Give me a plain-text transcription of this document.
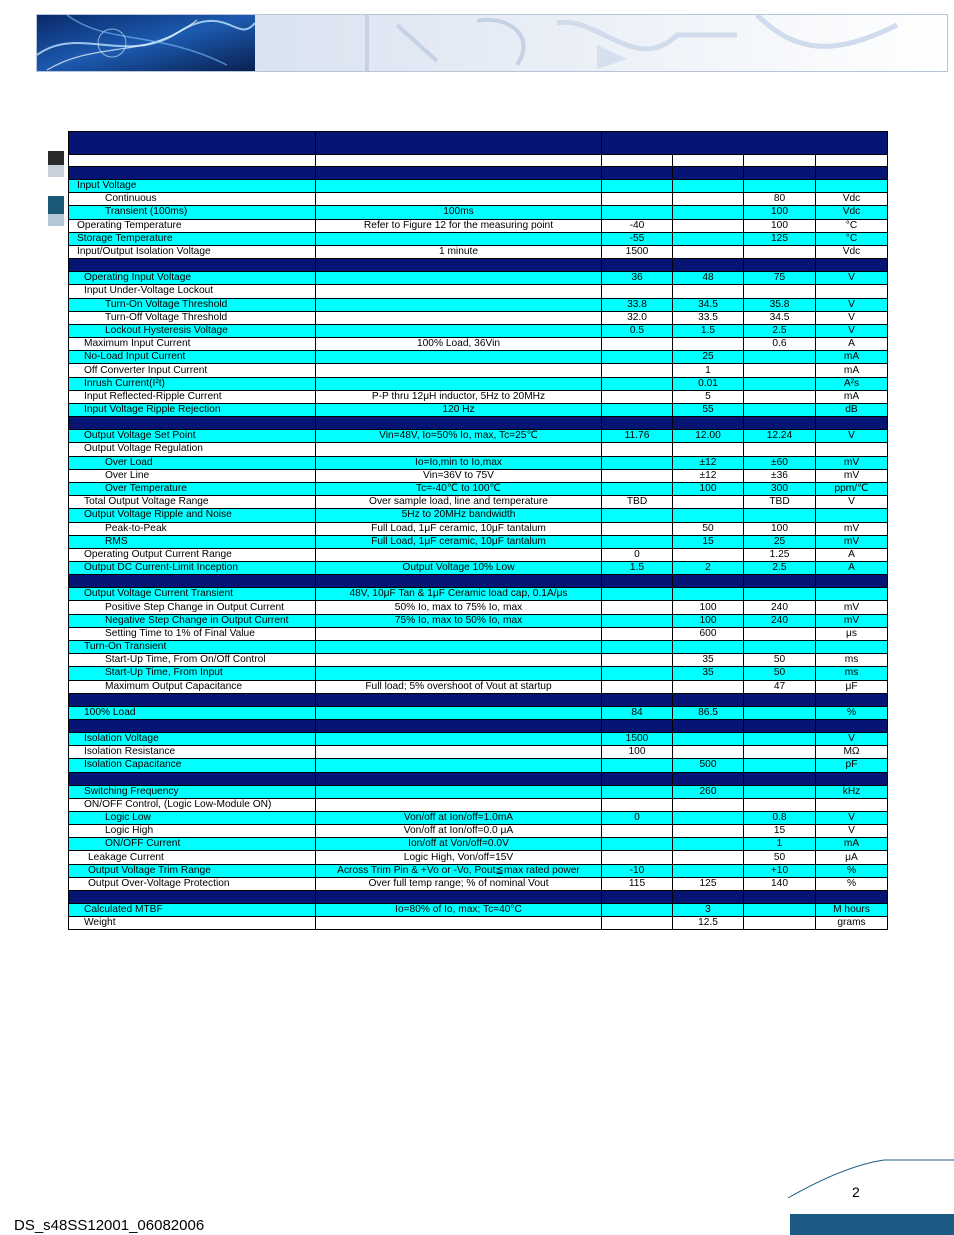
Input Voltage					
Continuous				80	Vdc
Transient (100ms)	100ms			100	Vdc
Operating Temperature	Refer to Figure 12 for the measuring point	-40		100	°C
Storage Temperature		-55		125	°C
Input/Output Isolation Voltage	1 minute	1500			Vdc

Operating Input Voltage		36	48	75	V
Input Under-Voltage Lockout					
Turn-On Voltage Threshold		33.8	34.5	35.8	V
Turn-Off Voltage Threshold		32.0	33.5	34.5	V
Lockout Hysteresis Voltage		0.5	1.5	2.5	V
Maximum Input Current	100% Load, 36Vin			0.6	A
No-Load Input Current			25		mA
Off Converter Input Current			1		mA
Inrush Current(I²t)			0.01		A²s
Input Reflected-Ripple Current	P-P thru 12μH inductor, 5Hz to 20MHz		5		mA
Input Voltage Ripple Rejection	120 Hz		55		dB

Output Voltage Set Point	Vin=48V, Io=50% Io, max, Tc=25℃	11.76	12.00	12.24	V
Output Voltage Regulation					
Over Load	Io=Io,min to Io,max		±12	±60	mV
Over Line	Vin=36V to 75V		±12	±36	mV
Over Temperature	Tc=-40℃ to 100℃		100	300	ppm/℃
Total Output Voltage Range	Over sample load, line and temperature	TBD		TBD	V
Output Voltage Ripple and Noise	5Hz to 20MHz bandwidth				
Peak-to-Peak	Full Load, 1μF ceramic, 10μF tantalum		50	100	mV
RMS	Full Load, 1μF ceramic, 10μF tantalum		15	25	mV
Operating Output Current Range		0		1.25	A
Output DC Current-Limit Inception	Output Voltage 10% Low	1.5	2	2.5	A

Output Voltage Current Transient	48V, 10μF Tan & 1μF Ceramic load cap, 0.1A/μs				
Positive Step Change in Output Current	50% Io, max to 75% Io, max		100	240	mV
Negative Step Change in Output Current	75% Io, max to 50% Io, max		100	240	mV
Setting Time to 1% of Final Value			600		μs
Turn-On Transient					
Start-Up Time, From On/Off Control			35	50	ms
Start-Up Time, From Input			35	50	ms
Maximum Output Capacitance	Full load; 5% overshoot of Vout at startup			47	μF

100% Load		84	86.5		%

Isolation Voltage		1500			V
Isolation Resistance		100			MΩ
Isolation Capacitance			500		pF

Switching Frequency			260		kHz
ON/OFF Control, (Logic Low-Module ON)					
Logic Low	Von/off at Ion/off=1.0mA	0		0.8	V
Logic High	Von/off at Ion/off=0.0 μA			15	V
ON/OFF Current	Ion/off at Von/off=0.0V			1	mA
Leakage Current	Logic High, Von/off=15V			50	μA
Output Voltage Trim Range	Across Trim Pin & +Vo or -Vo, Pout≦max rated power	-10		+10	%
Output Over-Voltage Protection	Over full temp range; % of nominal Vout	115	125	140	%

Calculated MTBF	Io=80% of Io, max; Tc=40°C		3		M hours
Weight			12.5		grams
2
DS_s48SS12001_06082006
